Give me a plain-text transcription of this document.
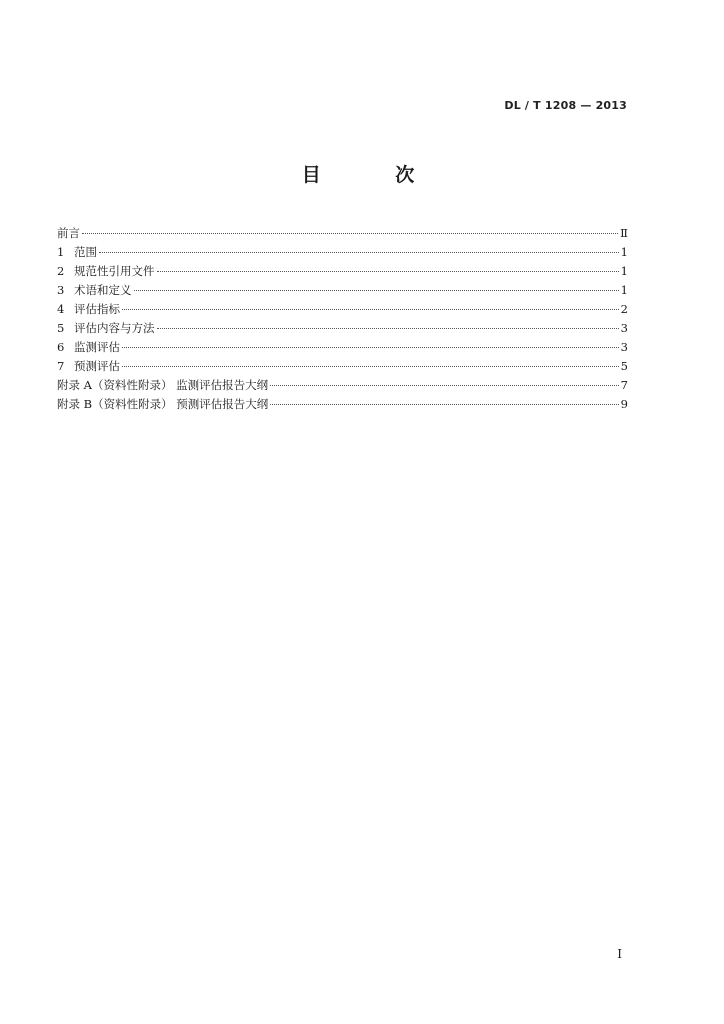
DL / T 1208 — 2013
目 次
前言	Ⅱ
1 范围	1
2 规范性引用文件	1
3 术语和定义	1
4 评估指标	2
5 评估内容与方法	3
6 监测评估	3
7 预测评估	5
附录 A（资料性附录） 监测评估报告大纲	7
附录 B（资料性附录） 预测评估报告大纲	9
I
